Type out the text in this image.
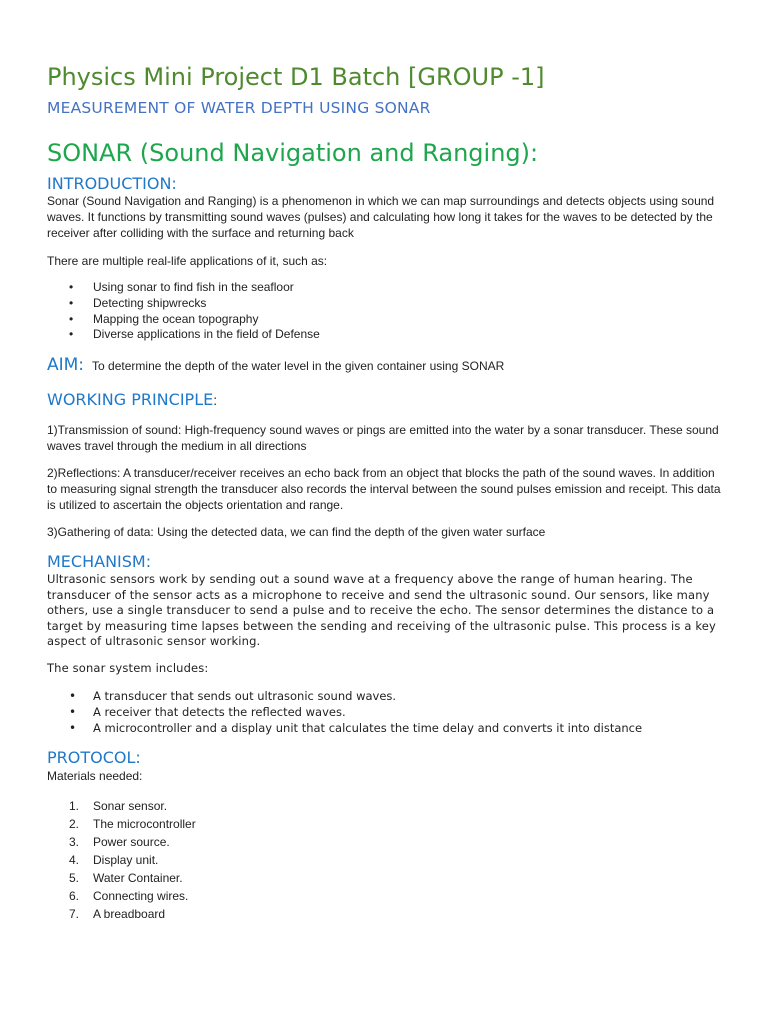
Physics Mini Project D1 Batch [GROUP -1]
MEASUREMENT OF WATER DEPTH USING SONAR
SONAR (Sound Navigation and Ranging):
INTRODUCTION:
Sonar (Sound Navigation and Ranging) is a phenomenon in which we can map surroundings and detects objects using sound waves. It functions by transmitting sound waves (pulses) and calculating how long it takes for the waves to be detected by the receiver after colliding with the surface and returning back
There are multiple real-life applications of it, such as:
• Using sonar to find fish in the seafloor
• Detecting shipwrecks
• Mapping the ocean topography
• Diverse applications in the field of Defense
AIM: To determine the depth of the water level in the given container using SONAR
WORKING PRINCIPLE:
1)Transmission of sound: High-frequency sound waves or pings are emitted into the water by a sonar transducer. These sound waves travel through the medium in all directions
2)Reflections: A transducer/receiver receives an echo back from an object that blocks the path of the sound waves. In addition to measuring signal strength the transducer also records the interval between the sound pulses emission and receipt. This data is utilized to ascertain the objects orientation and range.
3)Gathering of data: Using the detected data, we can find the depth of the given water surface
MECHANISM:
Ultrasonic sensors work by sending out a sound wave at a frequency above the range of human hearing. The transducer of the sensor acts as a microphone to receive and send the ultrasonic sound. Our sensors, like many others, use a single transducer to send a pulse and to receive the echo. The sensor determines the distance to a target by measuring time lapses between the sending and receiving of the ultrasonic pulse. This process is a key aspect of ultrasonic sensor working.
The sonar system includes:
• A transducer that sends out ultrasonic sound waves.
• A receiver that detects the reflected waves.
• A microcontroller and a display unit that calculates the time delay and converts it into distance
PROTOCOL:
Materials needed:
1. Sonar sensor.
2. The microcontroller
3. Power source.
4. Display unit.
5. Water Container.
6. Connecting wires.
7. A breadboard
